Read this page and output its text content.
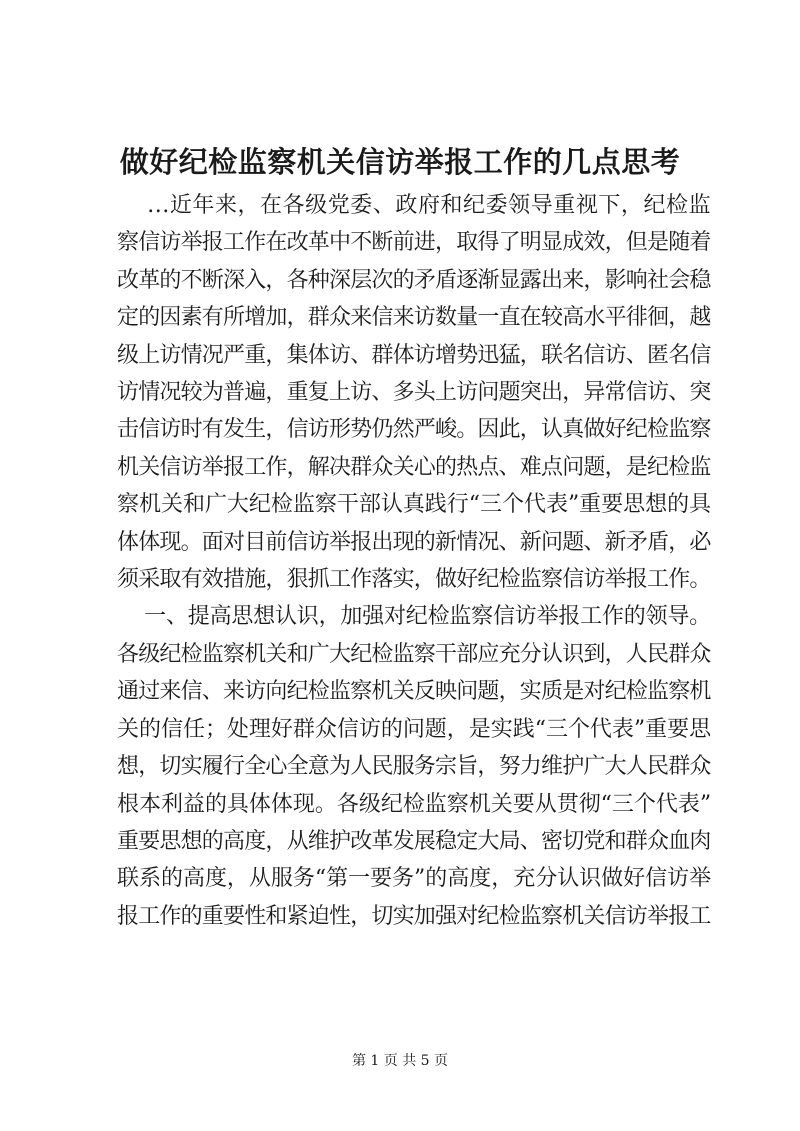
做好纪检监察机关信访举报工作的几点思考

...近年来，在各级党委、政府和纪委领导重视下，纪检监
察信访举报工作在改革中不断前进，取得了明显成效，但是随着
改革的不断深入，各种深层次的矛盾逐渐显露出来，影响社会稳
定的因素有所增加，群众来信来访数量一直在较高水平徘徊，越
级上访情况严重，集体访、群体访增势迅猛，联名信访、匿名信
访情况较为普遍，重复上访、多头上访问题突出，异常信访、突
击信访时有发生，信访形势仍然严峻。因此，认真做好纪检监察
机关信访举报工作，解决群众关心的热点、难点问题，是纪检监
察机关和广大纪检监察干部认真践行“三个代表”重要思想的具
体体现。面对目前信访举报出现的新情况、新问题、新矛盾，必
须采取有效措施，狠抓工作落实，做好纪检监察信访举报工作。

一、提高思想认识，加强对纪检监察信访举报工作的领导。
各级纪检监察机关和广大纪检监察干部应充分认识到，人民群众
通过来信、来访向纪检监察机关反映问题，实质是对纪检监察机
关的信任；处理好群众信访的问题，是实践“三个代表”重要思
想，切实履行全心全意为人民服务宗旨，努力维护广大人民群众
根本利益的具体体现。各级纪检监察机关要从贯彻“三个代表”
重要思想的高度，从维护改革发展稳定大局、密切党和群众血肉
联系的高度，从服务“第一要务”的高度，充分认识做好信访举
报工作的重要性和紧迫性，切实加强对纪检监察机关信访举报工

第 1 页 共 5 页
